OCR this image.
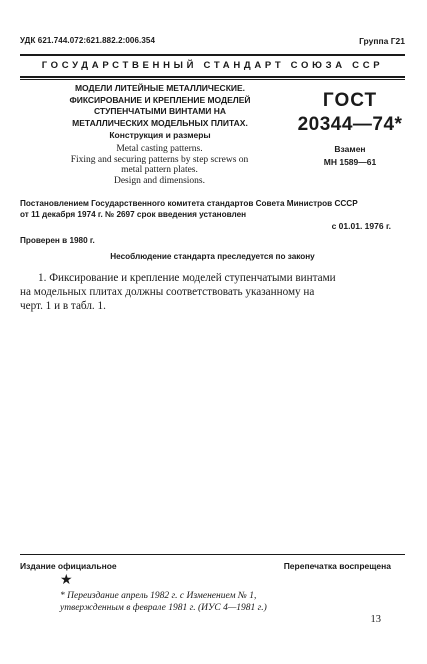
УДК 621.744.072:621.882.2:006.354	Группа Г21
ГОСУДАРСТВЕННЫЙ СТАНДАРТ СОЮЗА ССР
МОДЕЛИ ЛИТЕЙНЫЕ МЕТАЛЛИЧЕСКИЕ.
ФИКСИРОВАНИЕ И КРЕПЛЕНИЕ МОДЕЛЕЙ
СТУПЕНЧАТЫМИ ВИНТАМИ НА
МЕТАЛЛИЧЕСКИХ МОДЕЛЬНЫХ ПЛИТАХ.
Конструкция и размеры
Metal casting patterns.
Fixing and securing patterns by step screws on
metal pattern plates.
Design and dimensions.
ГОСТ
20344—74*
Взамен
МН 1589—61
Постановлением Государственного комитета стандартов Совета Министров СССР
от 11 декабря 1974 г. № 2697 срок введения установлен
с 01.01. 1976 г.
Проверен в 1980 г.
Несоблюдение стандарта преследуется по закону
1. Фиксирование и крепление моделей ступенчатыми винтами
на модельных плитах должны соответствовать указанному на
черт. 1 и в табл. 1.
Издание официальное	Перепечатка воспрещена
★
* Переиздание апрель 1982 г. с Изменением № 1,
утвержденным в феврале 1981 г. (ИУС 4—1981 г.)
13
